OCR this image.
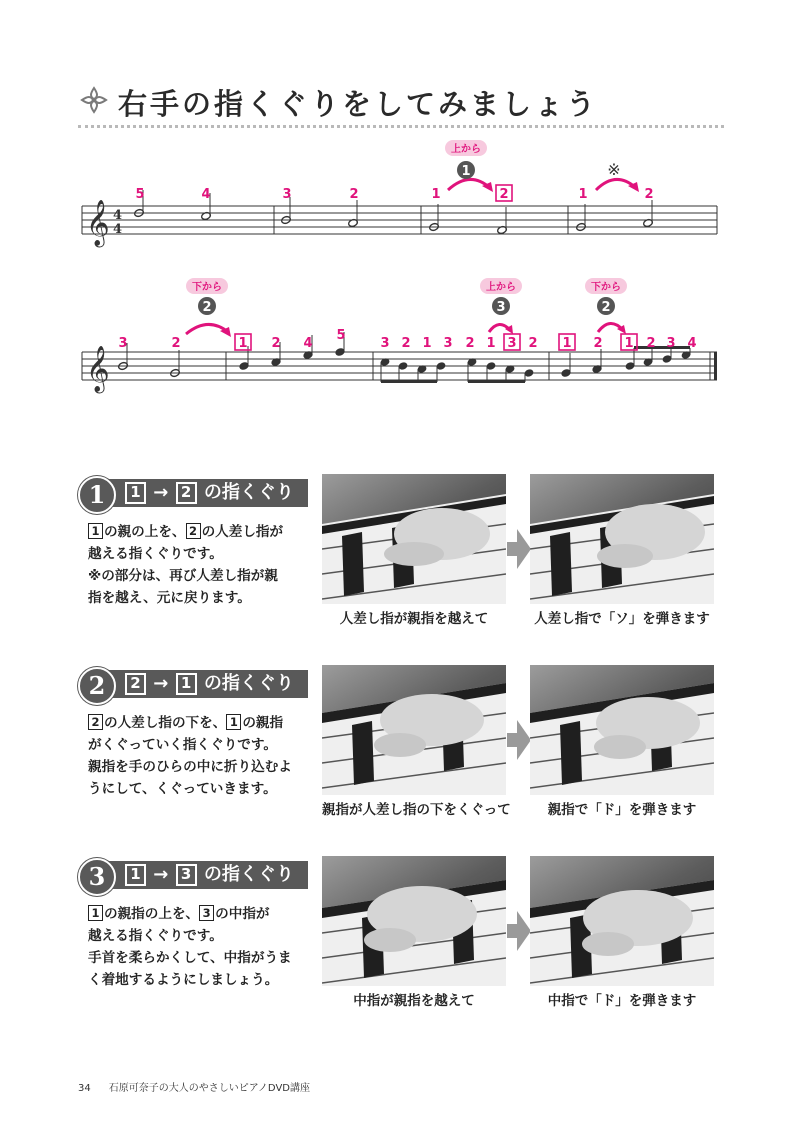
右手の指くぐりをしてみましょう
𝄞
𝄞
4
4
5	4	3	2	1	2	1	2
上から
1	※
3	2	1 2 4
5
3 2 1 3 2 1 3 2 1 2 1 2 3 4
下から
2
上から
3
下から
2
1	1 → 2 の指くぐり
1 の親の上を、 2 の人差し指が
越える指くぐりです。
※の部分は、再び人差し指が親
指を越え、元に戻ります。
人差し指が親指を越えて	人差し指で「ソ」を弾きます
2	2 → 1 の指くぐり
2 の人差し指の下を、 1 の親指
がくぐっていく指くぐりです。
親指を手のひらの中に折り込むよ
うにして、くぐっていきます。
親指が人差し指の下をくぐって	親指で「ド」を弾きます
3	1 → 3 の指くぐり
1 の親指の上を、 3 の中指が
越える指くぐりです。
手首を柔らかくして、中指がうま
く着地するようにしましょう。
中指が親指を越えて	中指で「ド」を弾きます
34 石原可奈子の大人のやさしいピアノDVD講座
